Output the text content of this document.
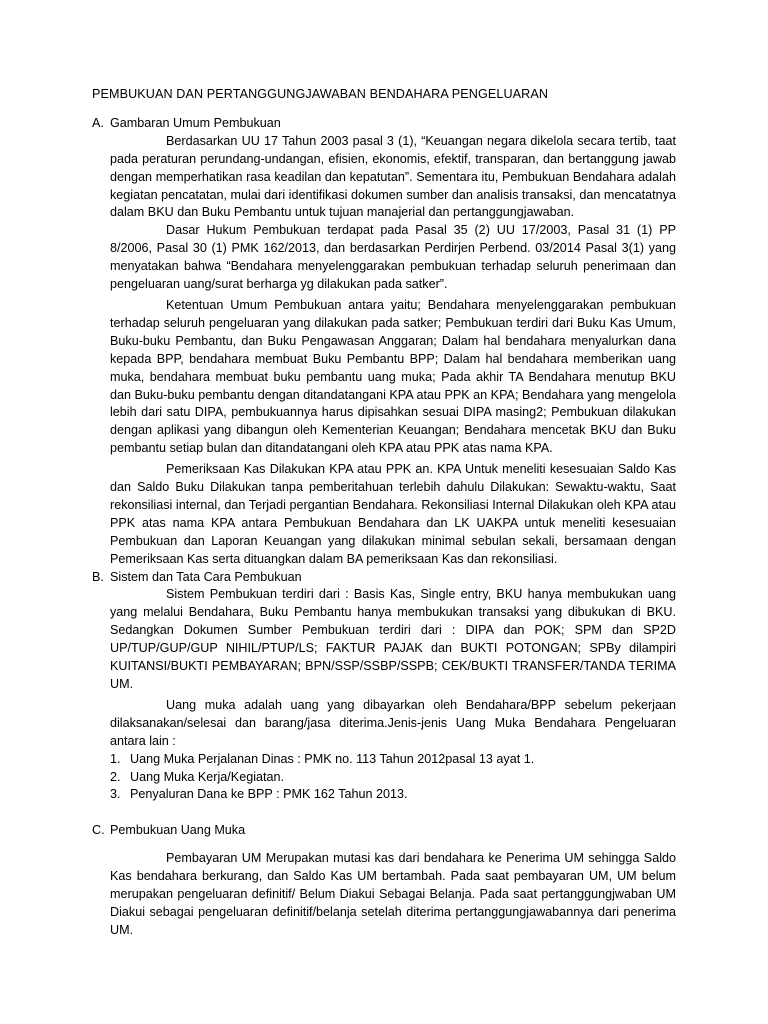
PEMBUKUAN DAN PERTANGGUNGJAWABAN BENDAHARA PENGELUARAN
A. Gambaran Umum Pembukuan

Berdasarkan UU 17 Tahun 2003 pasal 3 (1), “Keuangan negara dikelola secara tertib, taat pada peraturan perundang-undangan, efisien, ekonomis, efektif, transparan, dan bertanggung jawab dengan memperhatikan rasa keadilan dan kepatutan”. Sementara itu, Pembukuan Bendahara adalah kegiatan pencatatan, mulai dari identifikasi dokumen sumber dan analisis transaksi, dan mencatatnya dalam BKU dan Buku Pembantu untuk tujuan manajerial dan pertanggungjawaban.

Dasar Hukum Pembukuan terdapat pada Pasal 35 (2) UU 17/2003, Pasal 31 (1) PP 8/2006, Pasal 30 (1) PMK 162/2013, dan berdasarkan Perdirjen Perbend. 03/2014 Pasal 3(1) yang menyatakan bahwa “Bendahara menyelenggarakan pembukuan terhadap seluruh penerimaan dan pengeluaran uang/surat berharga yg dilakukan pada satker”.

Ketentuan Umum Pembukuan antara yaitu; Bendahara menyelenggarakan pembukuan terhadap seluruh pengeluaran yang dilakukan pada satker; Pembukuan terdiri dari Buku Kas Umum, Buku-buku Pembantu, dan Buku Pengawasan Anggaran; Dalam hal bendahara menyalurkan dana kepada BPP, bendahara membuat Buku Pembantu BPP; Dalam hal bendahara memberikan uang muka, bendahara membuat buku pembantu uang muka; Pada akhir TA Bendahara menutup BKU dan Buku-buku pembantu dengan ditandatangani KPA atau PPK an KPA; Bendahara yang mengelola lebih dari satu DIPA, pembukuannya harus dipisahkan sesuai DIPA masing2; Pembukuan dilakukan dengan aplikasi yang dibangun oleh Kementerian Keuangan; Bendahara mencetak BKU dan Buku pembantu setiap bulan dan ditandatangani oleh KPA atau PPK atas nama KPA.

Pemeriksaan Kas Dilakukan KPA atau PPK an. KPA Untuk meneliti kesesuaian Saldo Kas dan Saldo Buku Dilakukan tanpa pemberitahuan terlebih dahulu Dilakukan: Sewaktu-waktu, Saat rekonsiliasi internal, dan Terjadi pergantian Bendahara. Rekonsiliasi Internal Dilakukan oleh KPA atau PPK atas nama KPA antara Pembukuan Bendahara dan LK UAKPA untuk meneliti kesesuaian Pembukuan dan Laporan Keuangan yang dilakukan minimal sebulan sekali, bersamaan dengan Pemeriksaan Kas serta dituangkan dalam BA pemeriksaan Kas dan rekonsiliasi.

B. Sistem dan Tata Cara Pembukuan

Sistem Pembukuan terdiri dari : Basis Kas, Single entry, BKU hanya membukukan uang yang melalui Bendahara, Buku Pembantu hanya membukukan transaksi yang dibukukan di BKU. Sedangkan Dokumen Sumber Pembukuan terdiri dari : DIPA dan POK; SPM dan SP2D UP/TUP/GUP/GUP NIHIL/PTUP/LS; FAKTUR PAJAK dan BUKTI POTONGAN; SPBy dilampiri KUITANSI/BUKTI PEMBAYARAN; BPN/SSP/SSBP/SSPB; CEK/BUKTI TRANSFER/TANDA TERIMA UM.

Uang muka adalah uang yang dibayarkan oleh Bendahara/BPP sebelum pekerjaan dilaksanakan/selesai dan barang/jasa diterima.Jenis-jenis Uang Muka Bendahara Pengeluaran antara lain :

1. Uang Muka Perjalanan Dinas : PMK no. 113 Tahun 2012pasal 13 ayat 1.
2. Uang Muka Kerja/Kegiatan.
3. Penyaluran Dana ke BPP : PMK 162 Tahun 2013.
C. Pembukuan Uang Muka

Pembayaran UM Merupakan mutasi kas dari bendahara ke Penerima UM sehingga Saldo Kas bendahara berkurang, dan Saldo Kas UM bertambah. Pada saat pembayaran UM, UM belum merupakan pengeluaran definitif/ Belum Diakui Sebagai Belanja. Pada saat pertanggungjwaban UM Diakui sebagai pengeluaran definitif/belanja setelah diterima pertanggungjawabannya dari penerima UM.
